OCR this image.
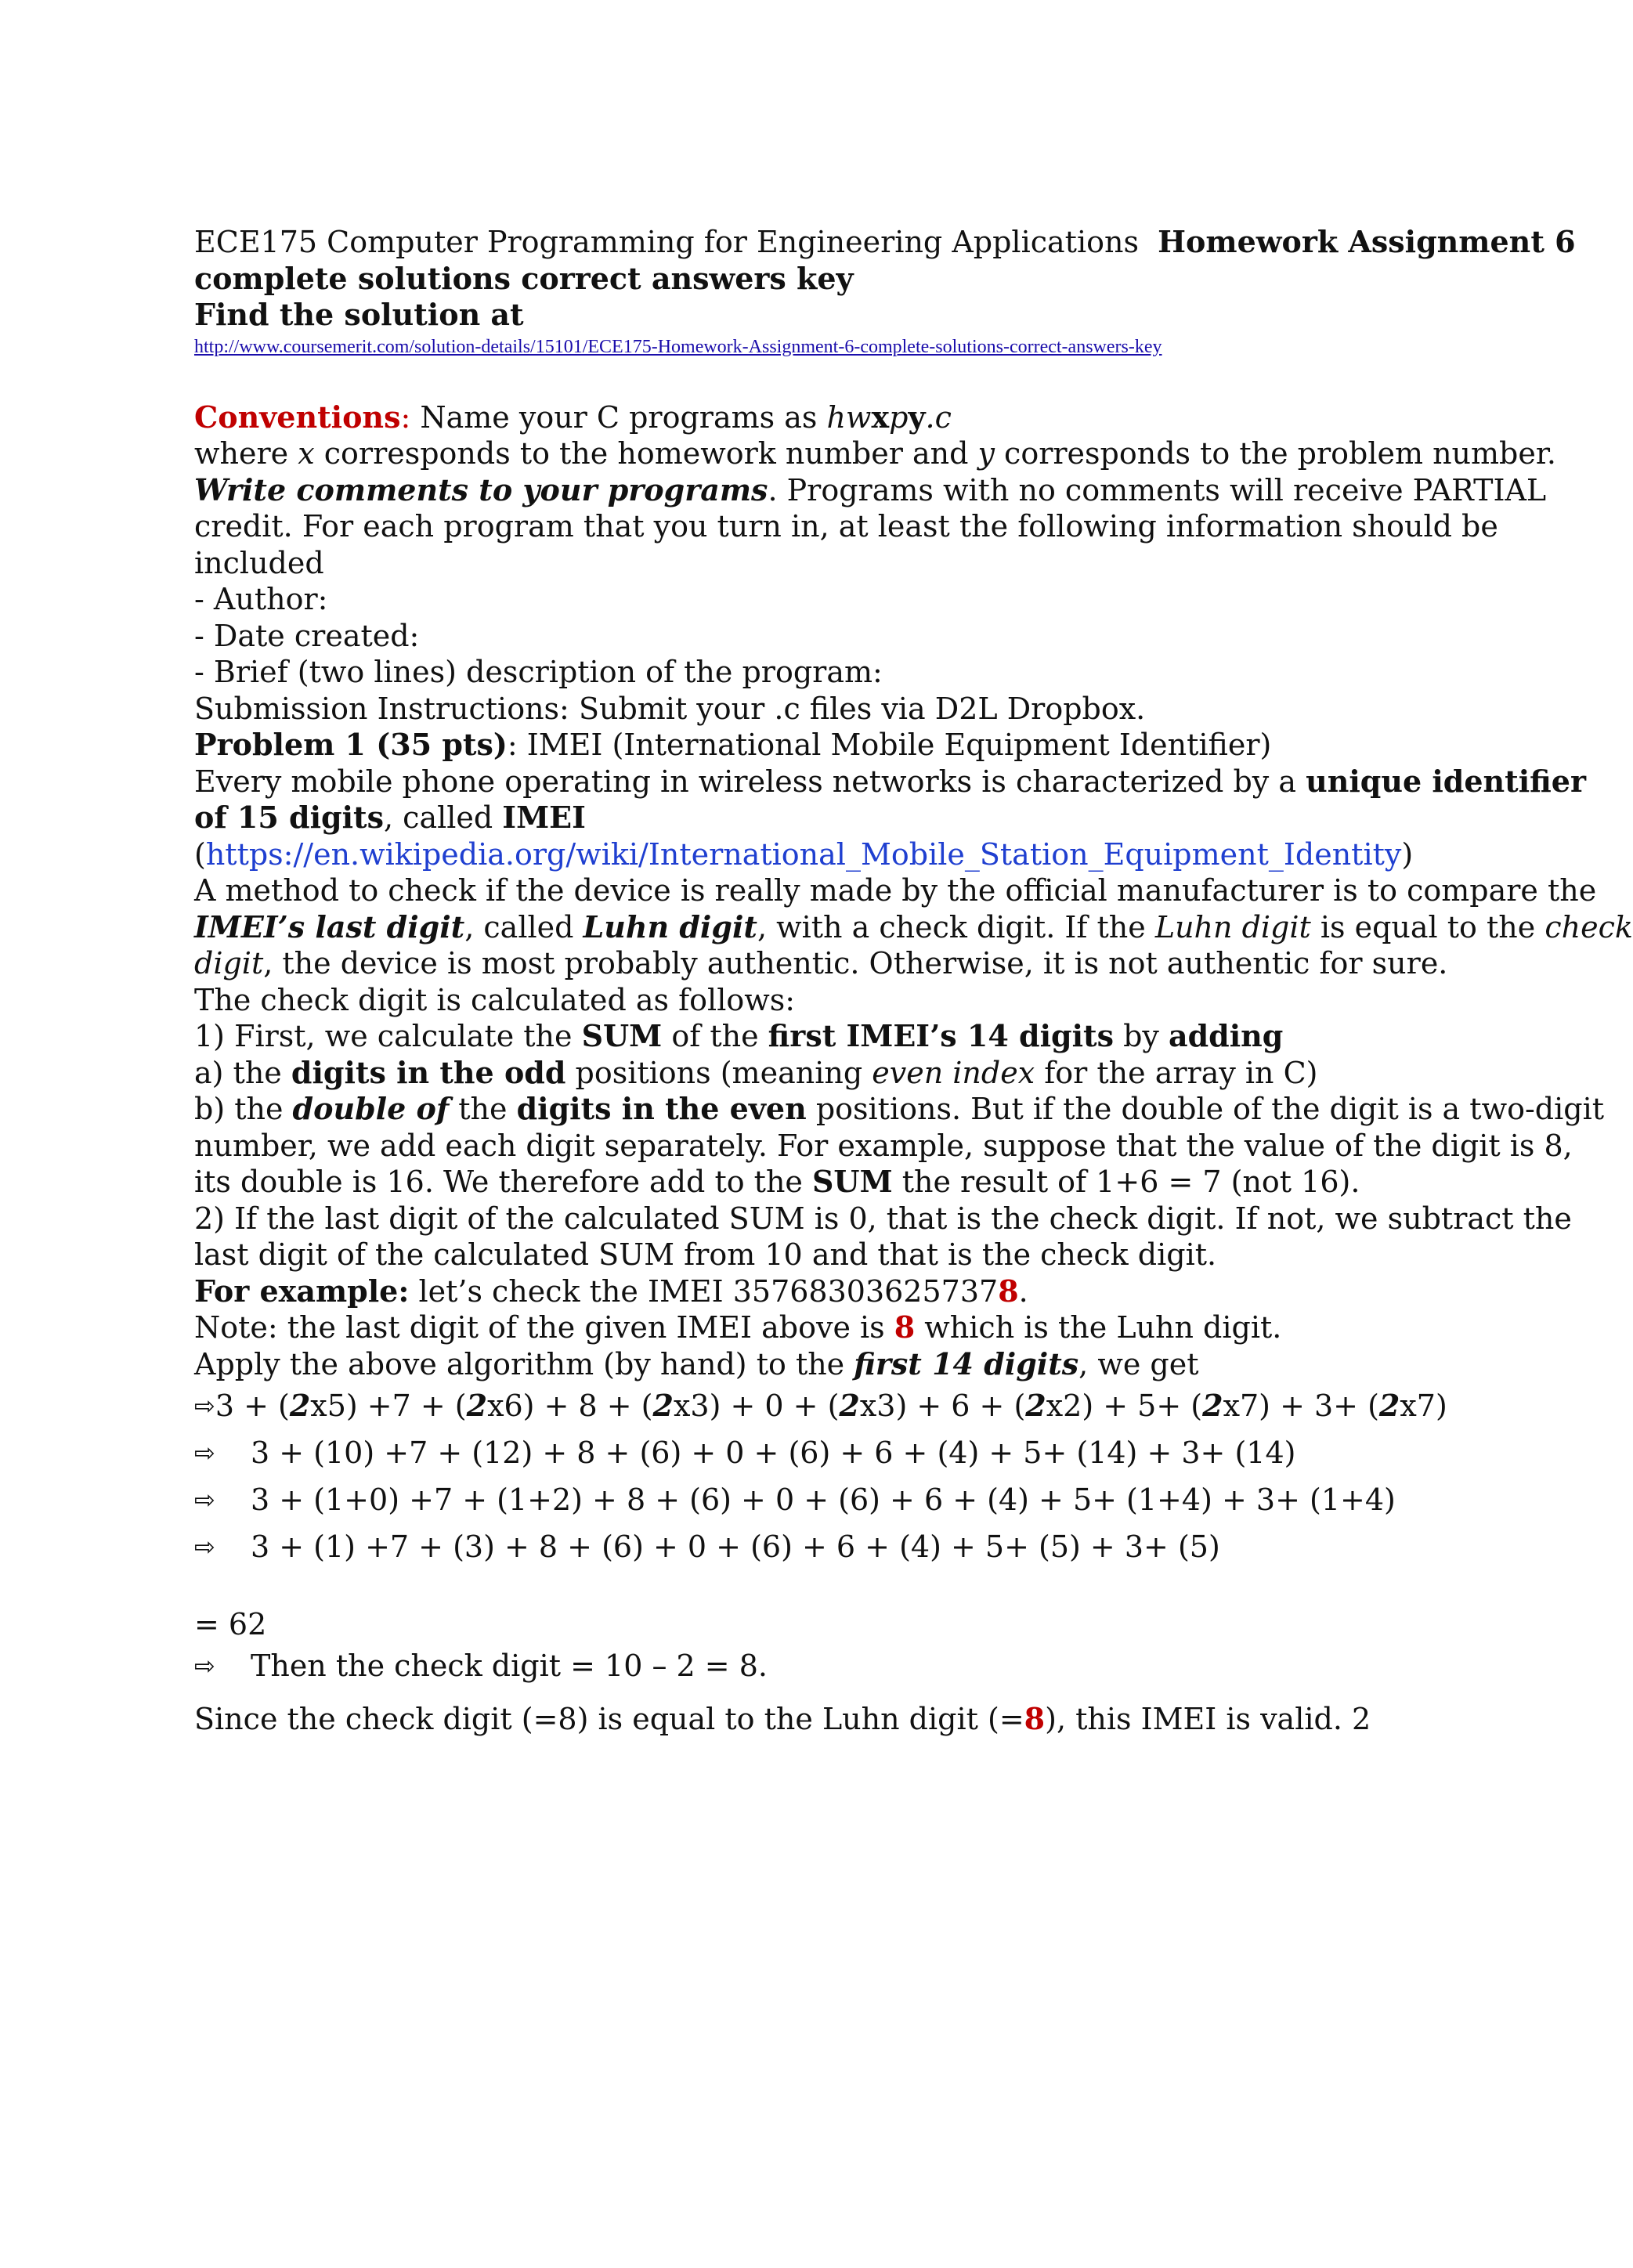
ECE175 Computer Programming for Engineering Applications Homework Assignment 6
complete solutions correct answers key
Find the solution at
http://www.coursemerit.com/solution-details/15101/ECE175-Homework-Assignment-6-complete-solutions-correct-answers-key
Conventions: Name your C programs as hwxpy.c
where x corresponds to the homework number and y corresponds to the problem number.
Write comments to your programs. Programs with no comments will receive PARTIAL
credit. For each program that you turn in, at least the following information should be
included
- Author:
- Date created:
- Brief (two lines) description of the program:
Submission Instructions: Submit your .c files via D2L Dropbox.
Problem 1 (35 pts): IMEI (International Mobile Equipment Identifier)
Every mobile phone operating in wireless networks is characterized by a unique identifier
of 15 digits, called IMEI
(https://en.wikipedia.org/wiki/International_Mobile_Station_Equipment_Identity)
A method to check if the device is really made by the official manufacturer is to compare the
IMEI’s last digit, called Luhn digit, with a check digit. If the Luhn digit is equal to the check
digit, the device is most probably authentic. Otherwise, it is not authentic for sure.
The check digit is calculated as follows:
1) First, we calculate the SUM of the first IMEI’s 14 digits by adding
a) the digits in the odd positions (meaning even index for the array in C)
b) the double of the digits in the even positions. But if the double of the digit is a two-digit
number, we add each digit separately. For example, suppose that the value of the digit is 8,
its double is 16. We therefore add to the SUM the result of 1+6 = 7 (not 16).
2) If the last digit of the calculated SUM is 0, that is the check digit. If not, we subtract the
last digit of the calculated SUM from 10 and that is the check digit.
For example: let’s check the IMEI 357683036257378.
Note: the last digit of the given IMEI above is 8 which is the Luhn digit.
Apply the above algorithm (by hand) to the first 14 digits, we get
⇨ 3 + (2x5) +7 + (2x6) + 8 + (2x3) + 0 + (2x3) + 6 + (2x2) + 5+ (2x7) + 3+ (2x7)
⇨	3 + (10) +7 + (12) + 8 + (6) + 0 + (6) + 6 + (4) + 5+ (14) + 3+ (14)
⇨	3 + (1+0) +7 + (1+2) + 8 + (6) + 0 + (6) + 6 + (4) + 5+ (1+4) + 3+ (1+4)
⇨	3 + (1) +7 + (3) + 8 + (6) + 0 + (6) + 6 + (4) + 5+ (5) + 3+ (5)
= 62
⇨	Then the check digit = 10 – 2 = 8.
Since the check digit (=8) is equal to the Luhn digit (=8), this IMEI is valid. 2
